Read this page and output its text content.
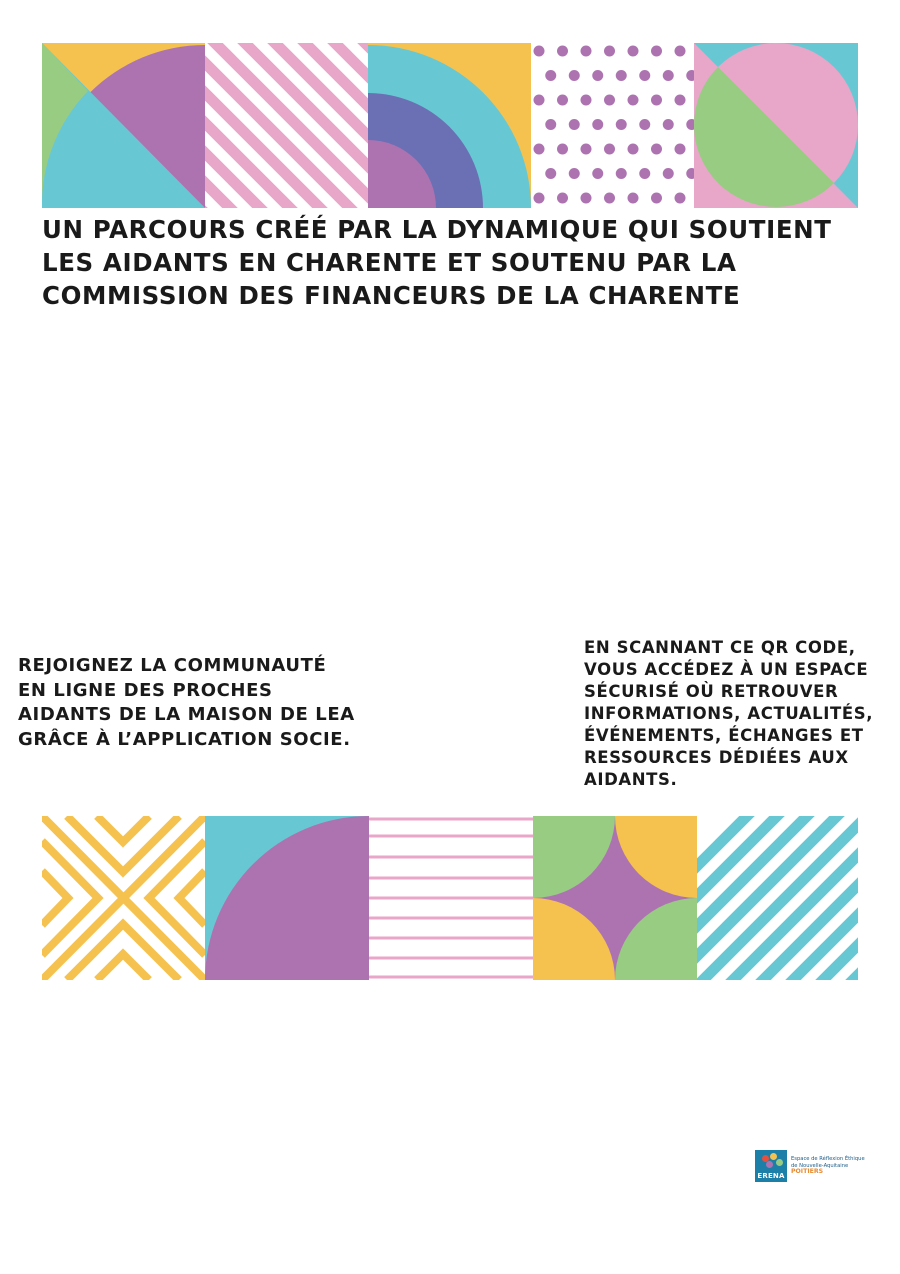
UN PARCOURS CRÉÉ PAR LA DYNAMIQUE QUI SOUTIENT LES AIDANTS EN CHARENTE ET SOUTENU PAR LA COMMISSION DES FINANCEURS DE LA CHARENTE

REJOIGNEZ LA COMMUNAUTÉ EN LIGNE DES PROCHES AIDANTS DE LA MAISON DE LEA GRÂCE À L’APPLICATION SOCIE.

EN SCANNANT CE QR CODE, VOUS ACCÉDEZ À UN ESPACE SÉCURISÉ OÙ RETROUVER INFORMATIONS, ACTUALITÉS, ÉVÉNEMENTS, ÉCHANGES ET RESSOURCES DÉDIÉES AUX AIDANTS.

ERENA
Espace de Réflexion Éthique
de Nouvelle-Aquitaine
POITIERS
